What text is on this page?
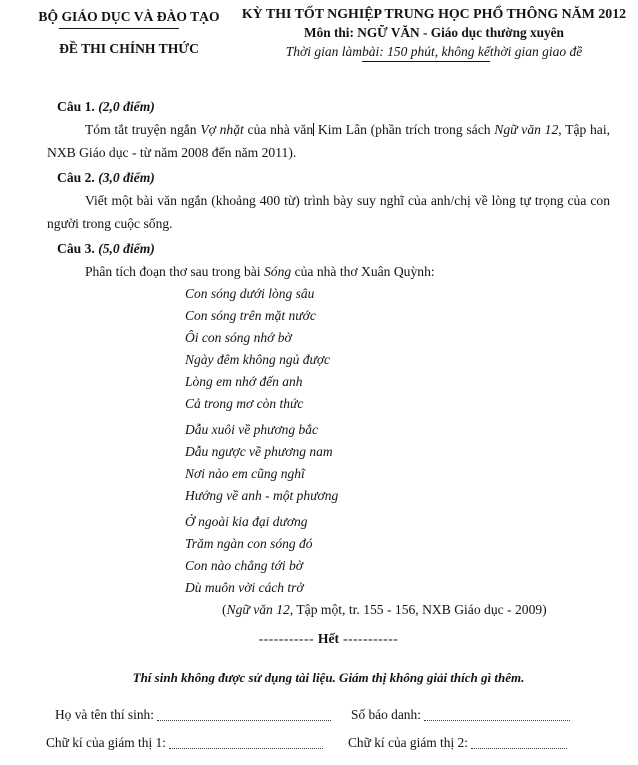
BỘ GIÁO DỤC VÀ ĐÀO TẠO
ĐỀ THI CHÍNH THỨC
KỲ THI TỐT NGHIỆP TRUNG HỌC PHỔ THÔNG NĂM 2012
Môn thi: NGỮ VĂN - Giáo dục thường xuyên
Thời gian làm bài: 150 phút, không kể thời gian giao đề
Câu 1. (2,0 điểm)

Tóm tắt truyện ngắn Vợ nhặt của nhà văn Kim Lân (phần trích trong sách Ngữ văn 12, Tập hai, NXB Giáo dục - từ năm 2008 đến năm 2011).

Câu 2. (3,0 điểm)

Viết một bài văn ngắn (khoảng 400 từ) trình bày suy nghĩ của anh/chị về lòng tự trọng của con người trong cuộc sống.

Câu 3. (5,0 điểm)

Phân tích đoạn thơ sau trong bài Sóng của nhà thơ Xuân Quỳnh:

Con sóng dưới lòng sâu
Con sóng trên mặt nước
Ôi con sóng nhớ bờ
Ngày đêm không ngủ được
Lòng em nhớ đến anh
Cả trong mơ còn thức
Dẫu xuôi về phương bắc
Dẫu ngược về phương nam
Nơi nào em cũng nghĩ
Hướng về anh - một phương
Ở ngoài kia đại dương
Trăm ngàn con sóng đó
Con nào chẳng tới bờ
Dù muôn vời cách trở
(Ngữ văn 12, Tập một, tr. 155 - 156, NXB Giáo dục - 2009)
----------- Hết -----------
Thí sinh không được sử dụng tài liệu. Giám thị không giải thích gì thêm.
Họ và tên thí sinh:	Số báo danh:
Chữ kí của giám thị 1:	Chữ kí của giám thị 2:
